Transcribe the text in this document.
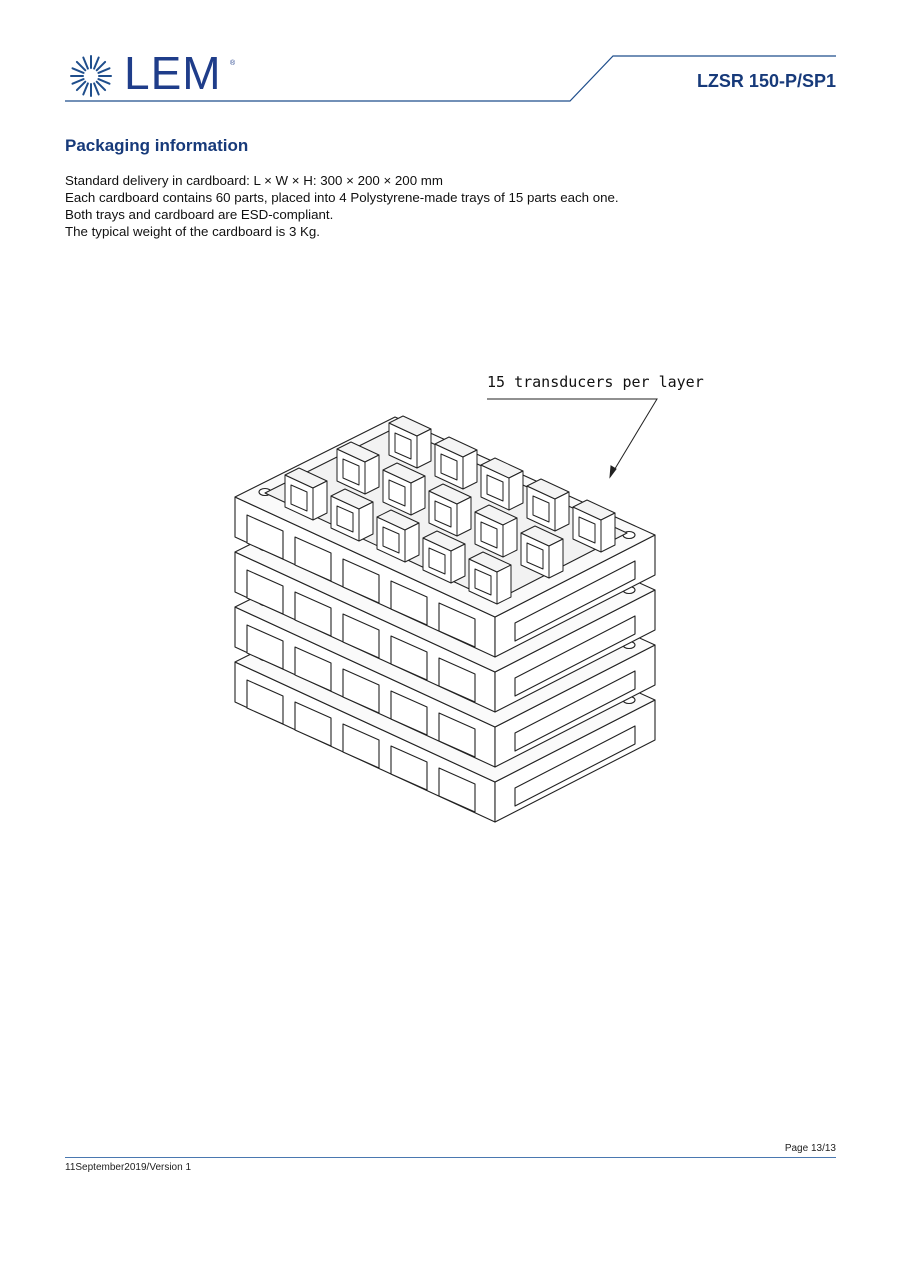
LEM ®
LZSR 150-P/SP1
Packaging information
Standard delivery in cardboard: L × W × H: 300 × 200 × 200 mm
Each cardboard contains 60 parts, placed into 4 Polystyrene-made trays of 15 parts each one.
Both trays and cardboard are ESD-compliant.
The typical weight of the cardboard is 3 Kg.
15 transducers per layer
Page 13/13
11September2019/Version 1
